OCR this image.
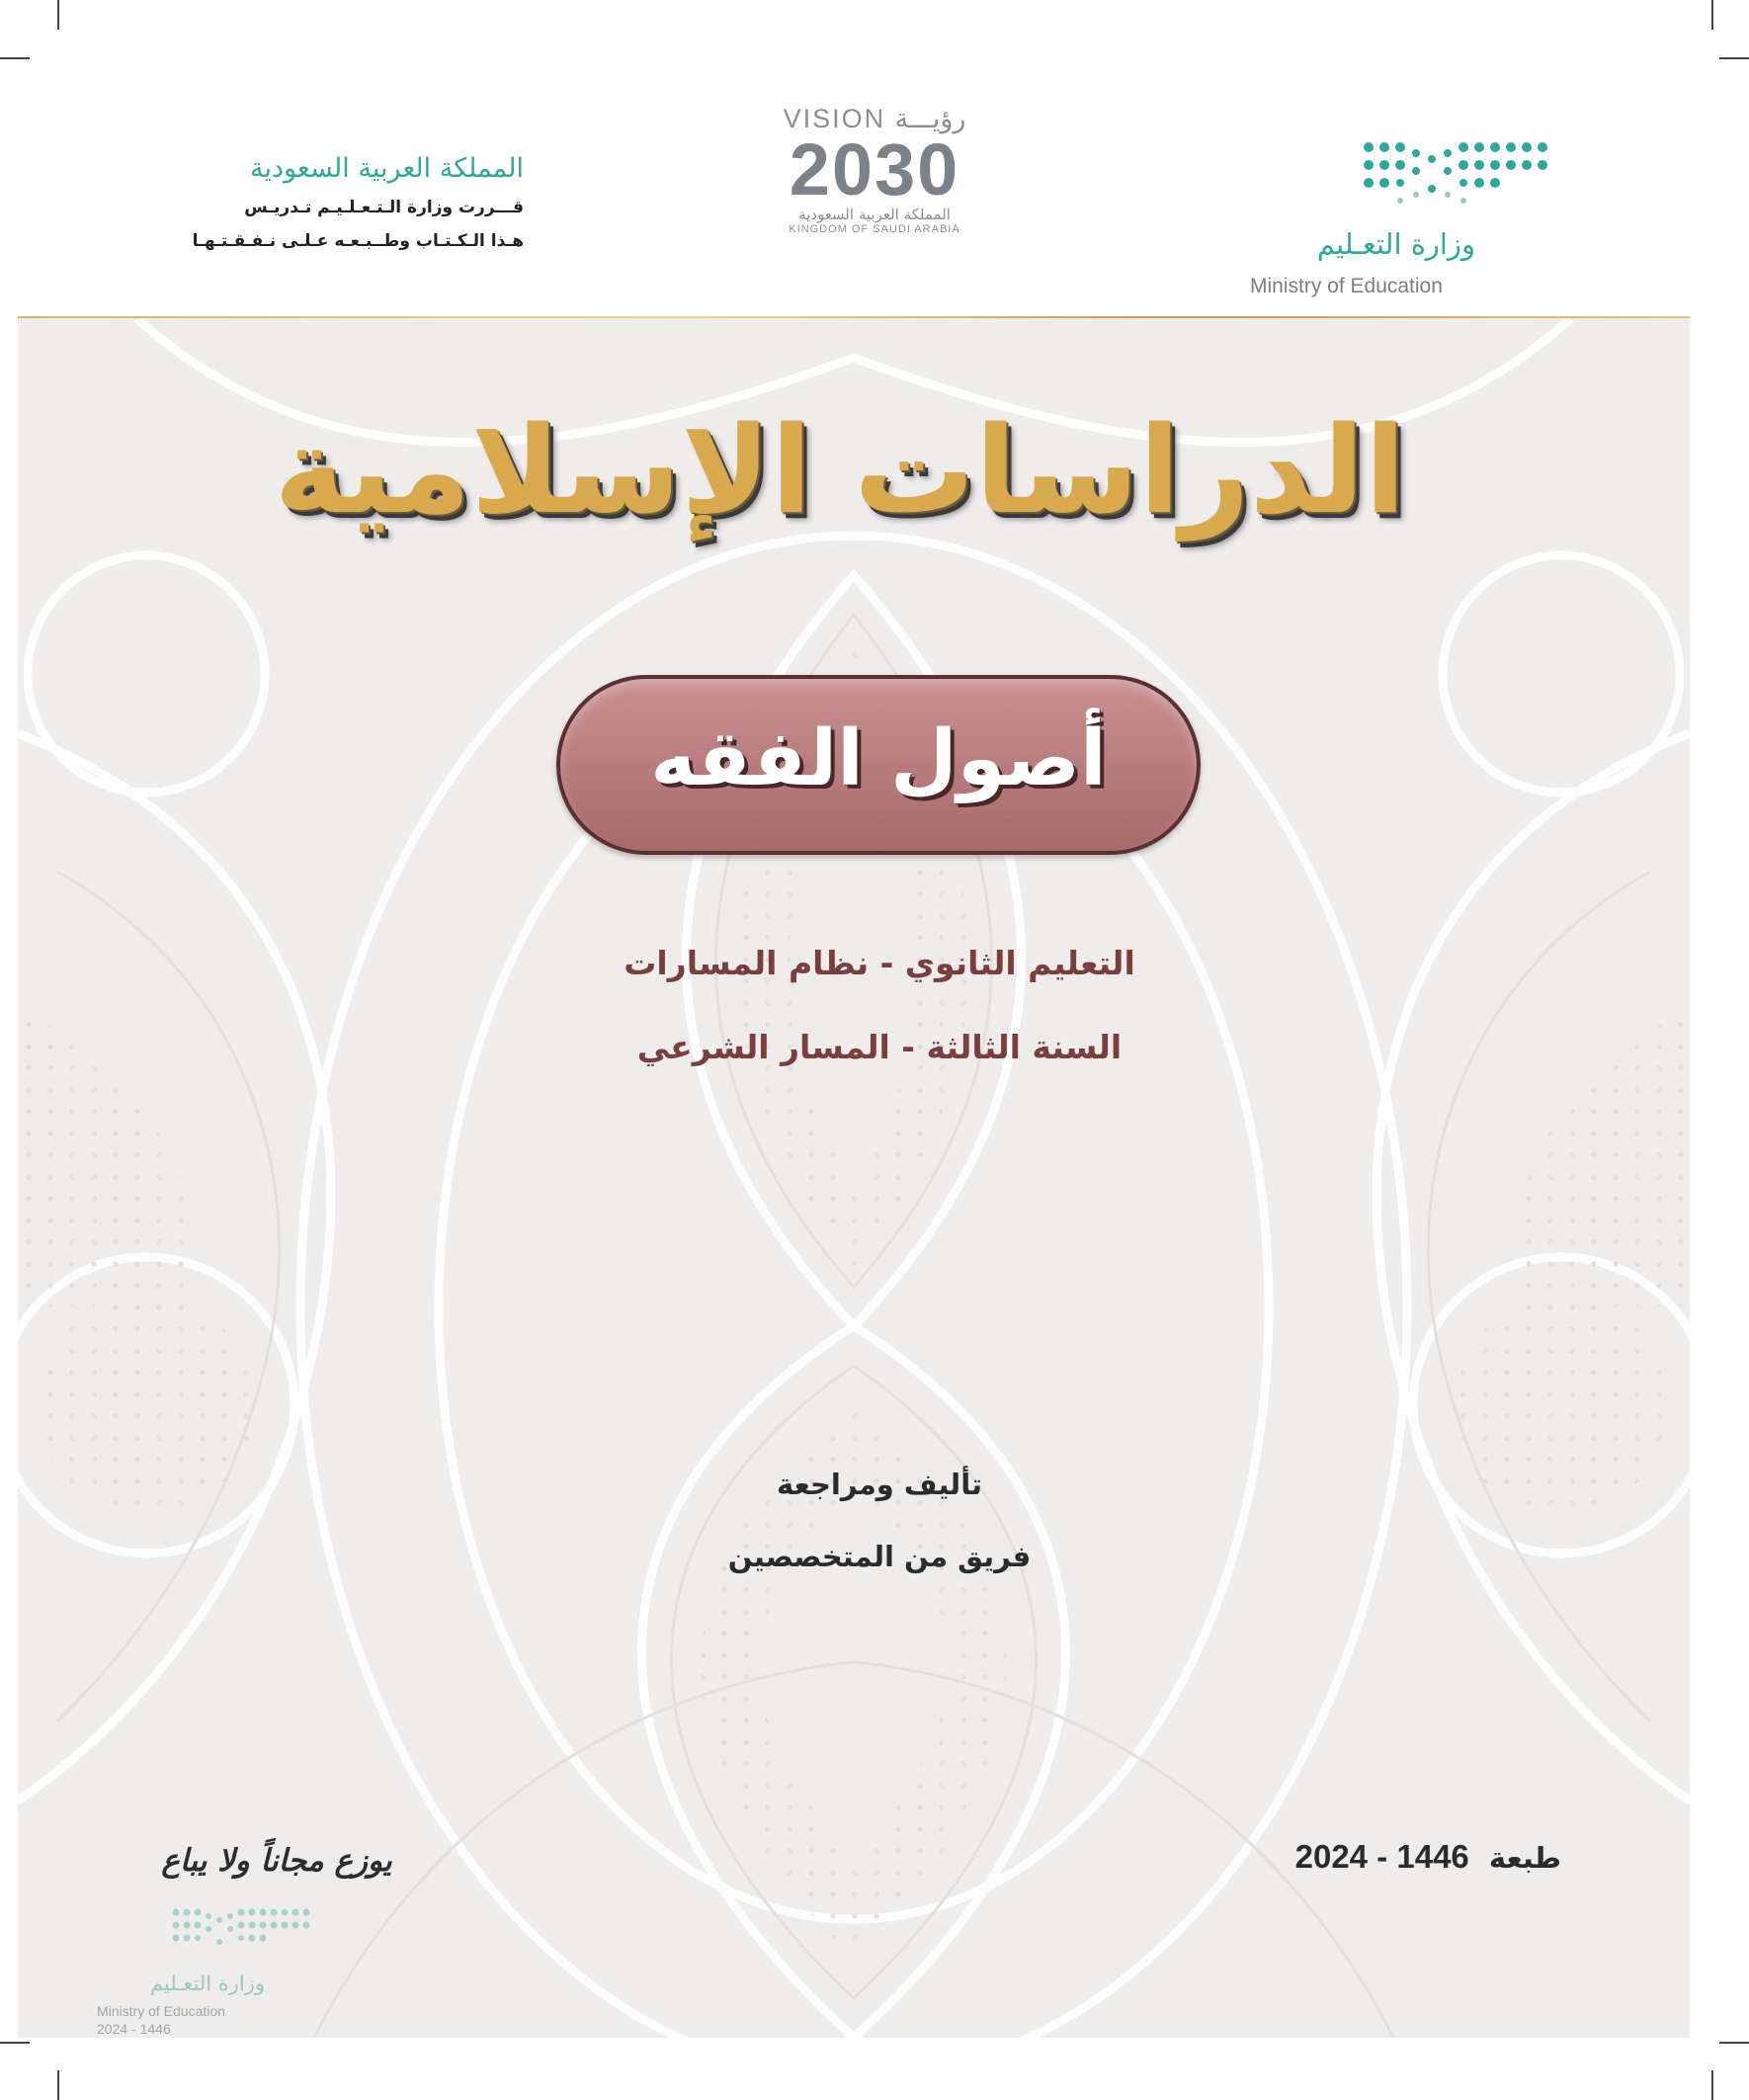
المملكة العربية السعودية
قـــررت وزارة الـتـعـلـيـم تـدريـس
هـذا الـكـتـاب وطــبـعـه عـلـى نـفـقـتـهـا
VISION رؤيـــة
2030
المملكة العربية السعودية
KINGDOM OF SAUDI ARABIA	وزارة التعـليم
Ministry of Education
الدراسات الإسلامية
أصول الفقه
التعليم الثانوي - نظام المسارات
السنة الثالثة - المسار الشرعي
تأليف ومراجعة
فريق من المتخصصين
طبعة 1446 - 2024
يوزع مجاناً ولا يباع
وزارة التعـليم
Ministry of Education
2024 - 1446
